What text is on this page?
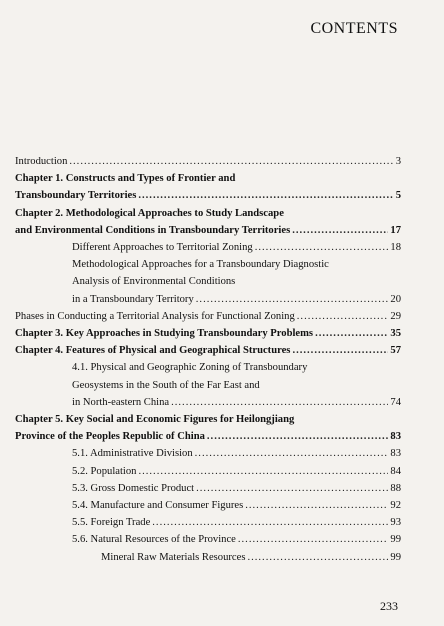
CONTENTS
Introduction .....	3
Chapter 1. Constructs and Types of Frontier and
Transboundary Territories .....	5
Chapter 2. Methodological Approaches to Study Landscape
and Environmental Conditions in Transboundary Territories .....	17
Different Approaches to Territorial Zoning .....	18
Methodological Approaches for a Transboundary Diagnostic
Analysis of Environmental Conditions
in a Transboundary Territory .....	20
Phases in Conducting a Territorial Analysis for Functional Zoning .....	29
Chapter 3. Key Approaches in Studying Transboundary Problems .....	35
Chapter 4. Features of Physical and Geographical Structures .....	57
4.1. Physical and Geographic Zoning of Transboundary
Geosystems in the South of the Far East and
in North-eastern China .....	74
Chapter 5. Key Social and Economic Figures for Heilongjiang
Province of the Peoples Republic of China .....	83
5.1. Administrative Division .....	83
5.2. Population .....	84
5.3. Gross Domestic Product .....	88
5.4. Manufacture and Consumer Figures .....	92
5.5. Foreign Trade .....	93
5.6. Natural Resources of the Province .....	99
Mineral Raw Materials Resources .....	99
233
